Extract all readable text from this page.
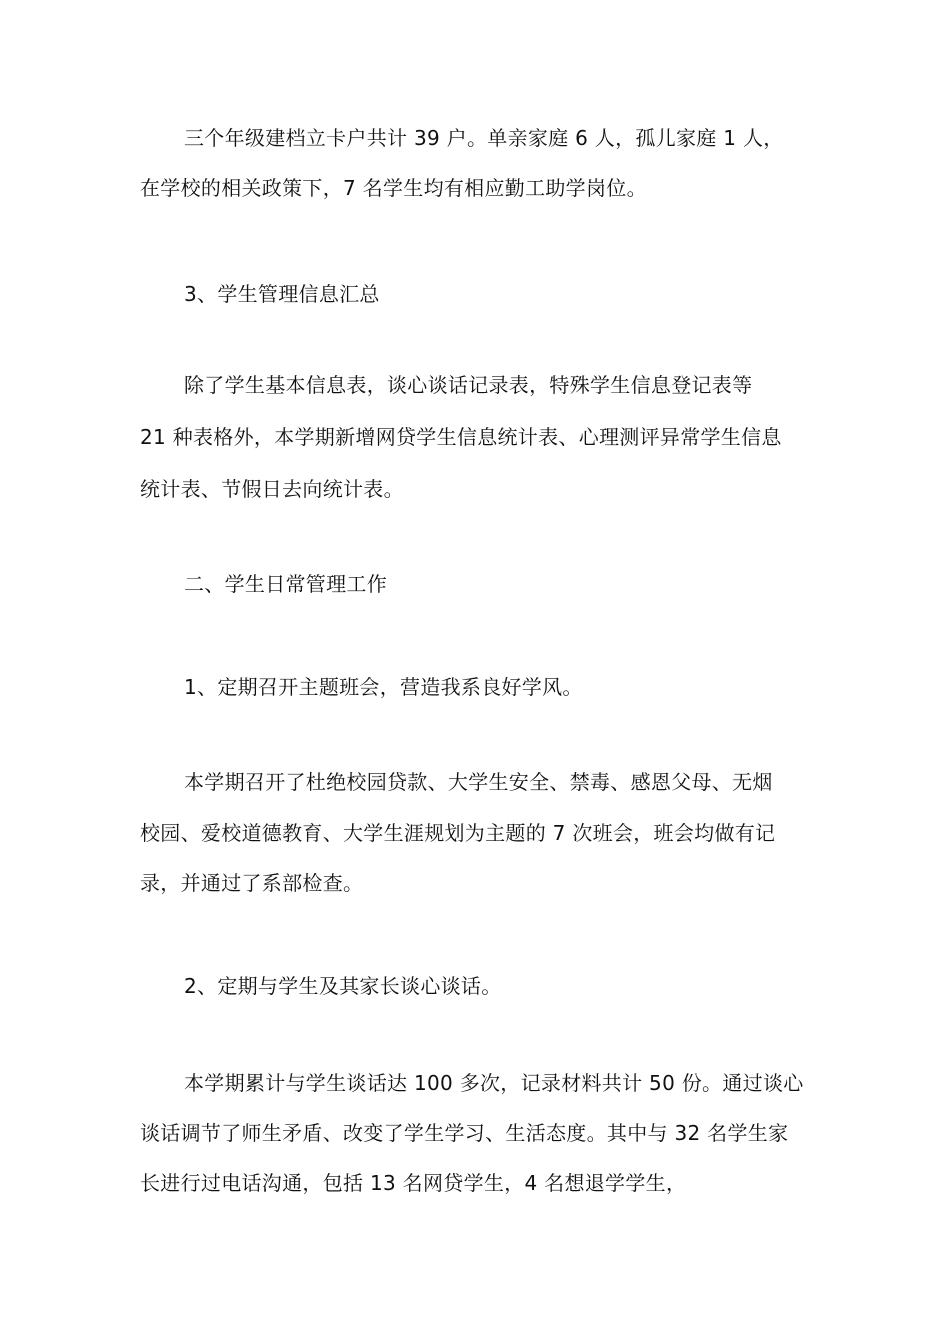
三个年级建档立卡户共计 39 户。单亲家庭 6 人，孤儿家庭 1 人，
在学校的相关政策下，7 名学生均有相应勤工助学岗位。
3、学生管理信息汇总
除了学生基本信息表，谈心谈话记录表，特殊学生信息登记表等
21 种表格外，本学期新增网贷学生信息统计表、心理测评异常学生信息
统计表、节假日去向统计表。
二、学生日常管理工作
1、定期召开主题班会，营造我系良好学风。
本学期召开了杜绝校园贷款、大学生安全、禁毒、感恩父母、无烟
校园、爱校道德教育、大学生涯规划为主题的 7 次班会，班会均做有记
录，并通过了系部检查。
2、定期与学生及其家长谈心谈话。
本学期累计与学生谈话达 100 多次，记录材料共计 50 份。通过谈心
谈话调节了师生矛盾、改变了学生学习、生活态度。其中与 32 名学生家
长进行过电话沟通，包括 13 名网贷学生，4 名想退学学生，
